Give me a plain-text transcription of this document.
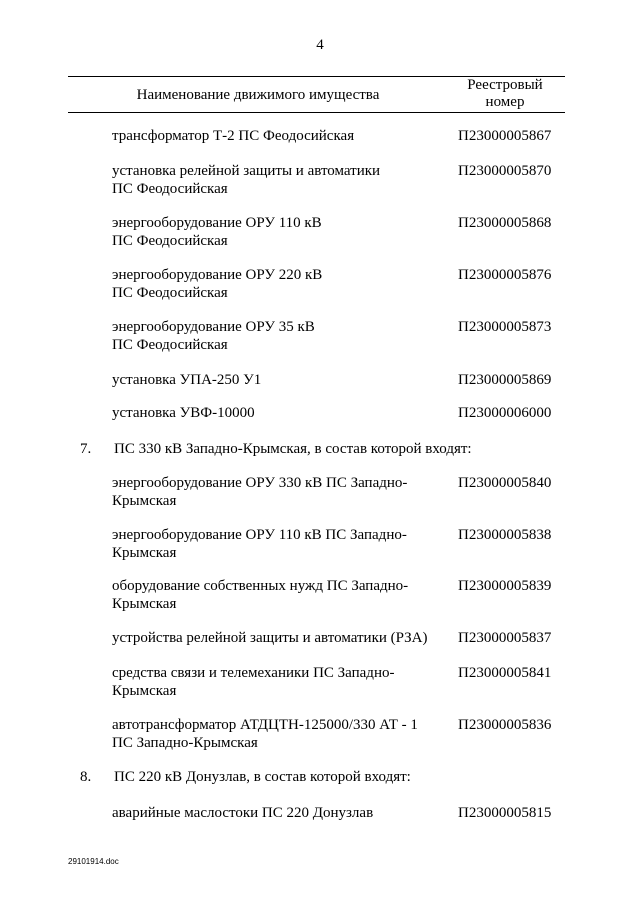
4
Наименование движимого имущества
Реестровый
номер
трансформатор Т-2 ПС Феодосийская	П23000005867
установка релейной защиты и автоматики
ПС Феодосийская
П23000005870
энергооборудование ОРУ 110 кВ
ПС Феодосийская
П23000005868
энергооборудование ОРУ 220 кВ
ПС Феодосийская
П23000005876
энергооборудование ОРУ 35 кВ
ПС Феодосийская
П23000005873
установка УПА-250 У1	П23000005869
установка УВФ-10000	П23000006000
7. ПС 330 кВ Западно-Крымская, в состав которой входят:
энергооборудование ОРУ 330 кВ ПС Западно-
Крымская
П23000005840
энергооборудование ОРУ 110 кВ ПС Западно-
Крымская
П23000005838
оборудование собственных нужд ПС Западно-
Крымская
П23000005839
устройства релейной защиты и автоматики (РЗА)	П23000005837
средства связи и телемеханики ПС Западно-
Крымская
П23000005841
автотрансформатор АТДЦТН-125000/330 АТ - 1
ПС Западно-Крымская
П23000005836
8. ПС 220 кВ Донузлав, в состав которой входят:
аварийные маслостоки ПС 220 Донузлав	П23000005815
29101914.doc
